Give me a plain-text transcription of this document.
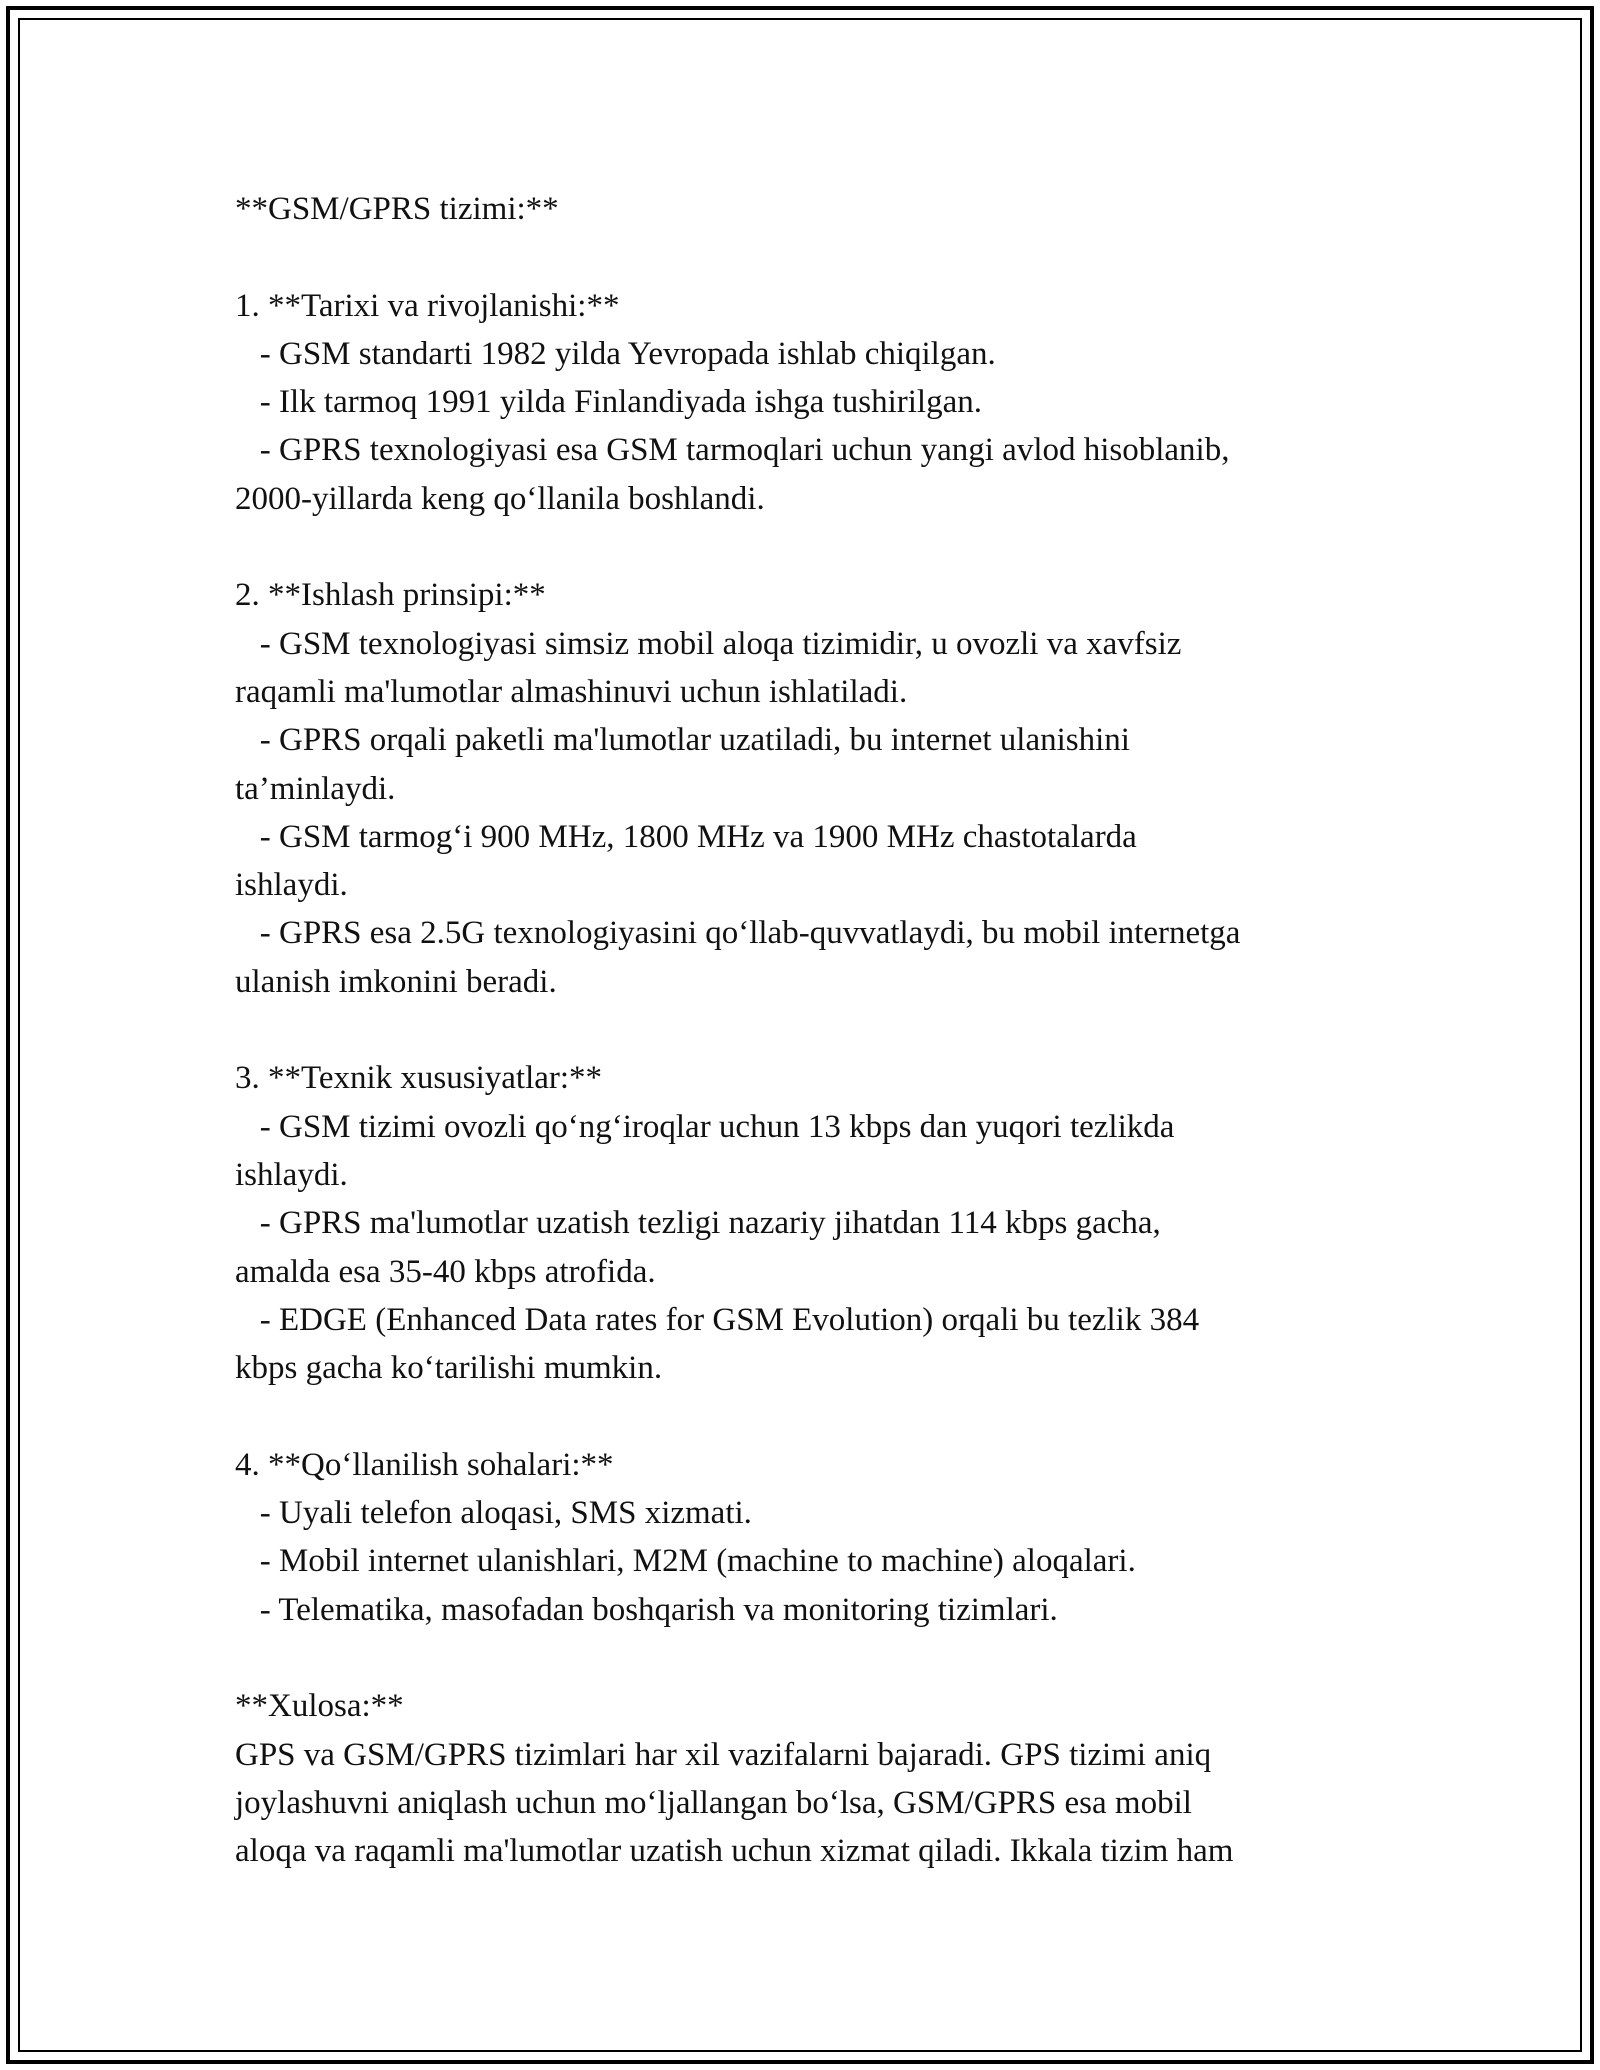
**GSM/GPRS tizimi:**
1. **Tarixi va rivojlanishi:**
- GSM standarti 1982 yilda Yevropada ishlab chiqilgan.
- Ilk tarmoq 1991 yilda Finlandiyada ishga tushirilgan.
- GPRS texnologiyasi esa GSM tarmoqlari uchun yangi avlod hisoblanib,
2000-yillarda keng qo‘llanila boshlandi.
2. **Ishlash prinsipi:**
- GSM texnologiyasi simsiz mobil aloqa tizimidir, u ovozli va xavfsiz
raqamli ma'lumotlar almashinuvi uchun ishlatiladi.
- GPRS orqali paketli ma'lumotlar uzatiladi, bu internet ulanishini
ta’minlaydi.
- GSM tarmog‘i 900 MHz, 1800 MHz va 1900 MHz chastotalarda
ishlaydi.
- GPRS esa 2.5G texnologiyasini qo‘llab-quvvatlaydi, bu mobil internetga
ulanish imkonini beradi.
3. **Texnik xususiyatlar:**
- GSM tizimi ovozli qo‘ng‘iroqlar uchun 13 kbps dan yuqori tezlikda
ishlaydi.
- GPRS ma'lumotlar uzatish tezligi nazariy jihatdan 114 kbps gacha,
amalda esa 35-40 kbps atrofida.
- EDGE (Enhanced Data rates for GSM Evolution) orqali bu tezlik 384
kbps gacha ko‘tarilishi mumkin.
4. **Qo‘llanilish sohalari:**
- Uyali telefon aloqasi, SMS xizmati.
- Mobil internet ulanishlari, M2M (machine to machine) aloqalari.
- Telematika, masofadan boshqarish va monitoring tizimlari.
**Xulosa:**
GPS va GSM/GPRS tizimlari har xil vazifalarni bajaradi. GPS tizimi aniq
joylashuvni aniqlash uchun mo‘ljallangan bo‘lsa, GSM/GPRS esa mobil
aloqa va raqamli ma'lumotlar uzatish uchun xizmat qiladi. Ikkala tizim ham
